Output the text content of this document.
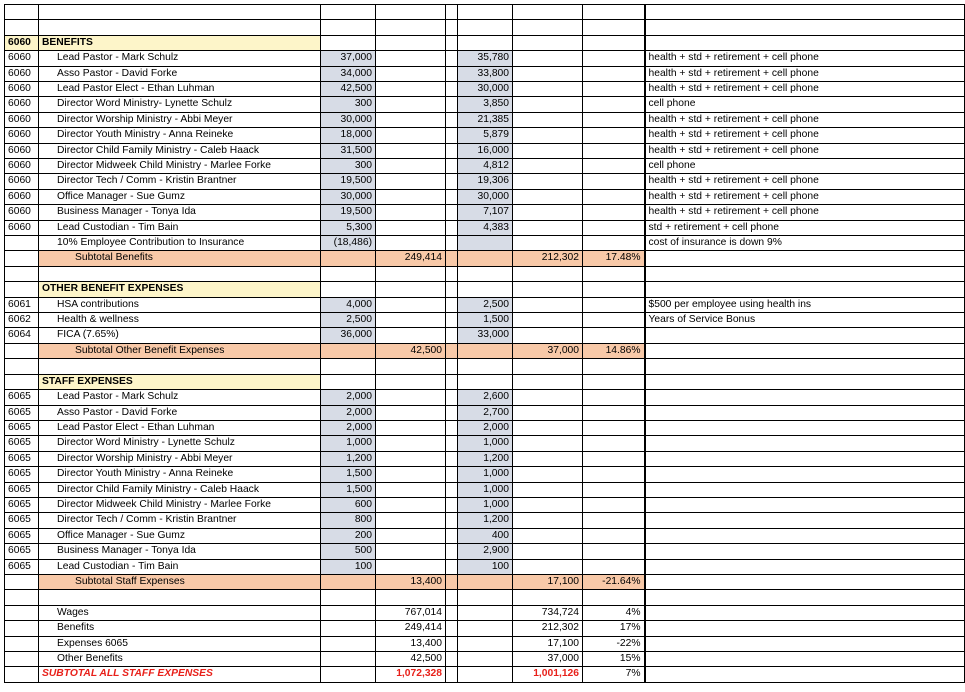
6060	BENEFITS							
6060	Lead Pastor - Mark Schulz	37,000			35,780			health + std + retirement + cell phone
6060	Asso Pastor - David Forke	34,000			33,800			health + std + retirement + cell phone
6060	Lead Pastor Elect - Ethan Luhman	42,500			30,000			health + std + retirement + cell phone
6060	Director Word Ministry- Lynette Schulz	300			3,850			cell phone
6060	Director Worship Ministry - Abbi Meyer	30,000			21,385			health + std + retirement + cell phone
6060	Director Youth Ministry - Anna Reineke	18,000			5,879			health + std + retirement + cell phone
6060	Director Child Family Ministry - Caleb Haack	31,500			16,000			health + std + retirement + cell phone
6060	Director Midweek Child Ministry - Marlee Forke	300			4,812			cell phone
6060	Director Tech / Comm - Kristin Brantner	19,500			19,306			health + std + retirement + cell phone
6060	Office Manager - Sue Gumz	30,000			30,000			health + std + retirement + cell phone
6060	Business Manager - Tonya Ida	19,500			7,107			health + std + retirement + cell phone
6060	Lead Custodian - Tim Bain	5,300			4,383			std + retirement + cell phone
	10% Employee Contribution to Insurance	(18,486)						cost of insurance is down 9%
	Subtotal Benefits		249,414			212,302	17.48%	

	OTHER BENEFIT EXPENSES							
6061	HSA contributions	4,000			2,500			$500 per employee using health ins
6062	Health & wellness	2,500			1,500			Years of Service Bonus
6064	FICA (7.65%)	36,000			33,000			
	Subtotal Other Benefit Expenses		42,500			37,000	14.86%	

	STAFF EXPENSES							
6065	Lead Pastor - Mark Schulz	2,000			2,600			
6065	Asso Pastor - David Forke	2,000			2,700			
6065	Lead Pastor Elect - Ethan Luhman	2,000			2,000			
6065	Director Word Ministry - Lynette Schulz	1,000			1,000			
6065	Director Worship Ministry - Abbi Meyer	1,200			1,200			
6065	Director Youth Ministry - Anna Reineke	1,500			1,000			
6065	Director Child Family Ministry - Caleb Haack	1,500			1,000			
6065	Director Midweek Child Ministry - Marlee Forke	600			1,000			
6065	Director Tech / Comm - Kristin Brantner	800			1,200			
6065	Office Manager - Sue Gumz	200			400			
6065	Business Manager - Tonya Ida	500			2,900			
6065	Lead Custodian - Tim Bain	100			100			
	Subtotal Staff Expenses		13,400			17,100	-21.64%	

	Wages		767,014			734,724	4%	
	Benefits		249,414			212,302	17%	
	Expenses 6065		13,400			17,100	-22%	
	Other Benefits		42,500			37,000	15%	
	SUBTOTAL ALL STAFF EXPENSES		1,072,328			1,001,126	7%	
